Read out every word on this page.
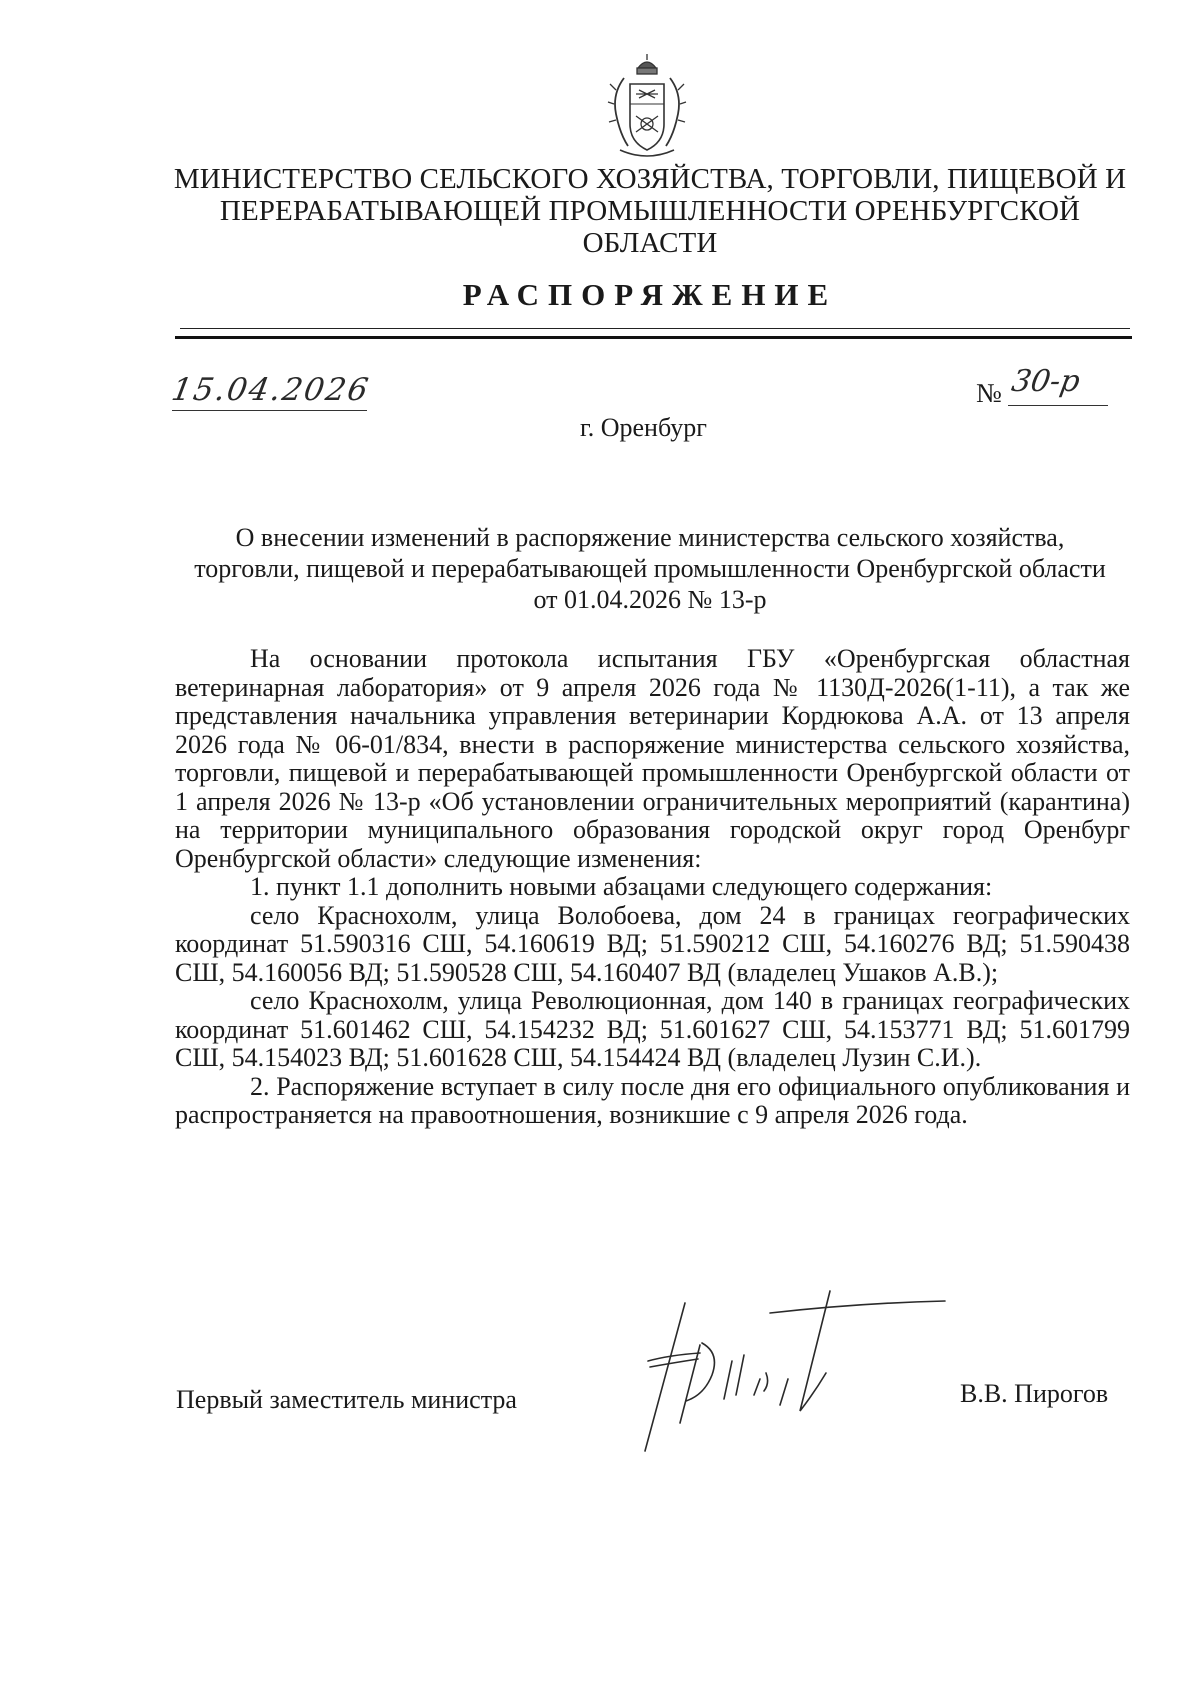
МИНИСТЕРСТВО СЕЛЬСКОГО ХОЗЯЙСТВА, ТОРГОВЛИ, ПИЩЕВОЙ И ПЕРЕРАБАТЫВАЮЩЕЙ ПРОМЫШЛЕННОСТИ ОРЕНБУРГСКОЙ ОБЛАСТИ
РАСПОРЯЖЕНИЕ
15.04.2026	№ 30-р
г. Оренбург
О внесении изменений в распоряжение министерства сельского хозяйства, торговли, пищевой и перерабатывающей промышленности Оренбургской области от 01.04.2026 № 13-р

На основании протокола испытания ГБУ «Оренбургская областная ветеринарная лаборатория» от 9 апреля 2026 года № 1130Д-2026(1-11), а так же представления начальника управления ветеринарии Кордюкова А.А. от 13 апреля 2026 года № 06-01/834, внести в распоряжение министерства сельского хозяйства, торговли, пищевой и перерабатывающей промышленности Оренбургской области от 1 апреля 2026 № 13-р «Об установлении ограничительных мероприятий (карантина) на территории муниципального образования городской округ город Оренбург Оренбургской области» следующие изменения:

1. пункт 1.1 дополнить новыми абзацами следующего содержания:

село Краснохолм, улица Волобоева, дом 24 в границах географических координат 51.590316 СШ, 54.160619 ВД; 51.590212 СШ, 54.160276 ВД; 51.590438 СШ, 54.160056 ВД; 51.590528 СШ, 54.160407 ВД (владелец Ушаков А.В.);

село Краснохолм, улица Революционная, дом 140 в границах географических координат 51.601462 СШ, 54.154232 ВД; 51.601627 СШ, 54.153771 ВД; 51.601799 СШ, 54.154023 ВД; 51.601628 СШ, 54.154424 ВД (владелец Лузин С.И.).

2. Распоряжение вступает в силу после дня его официального опубликования и распространяется на правоотношения, возникшие с 9 апреля 2026 года.

Первый заместитель министра	В.В. Пирогов
